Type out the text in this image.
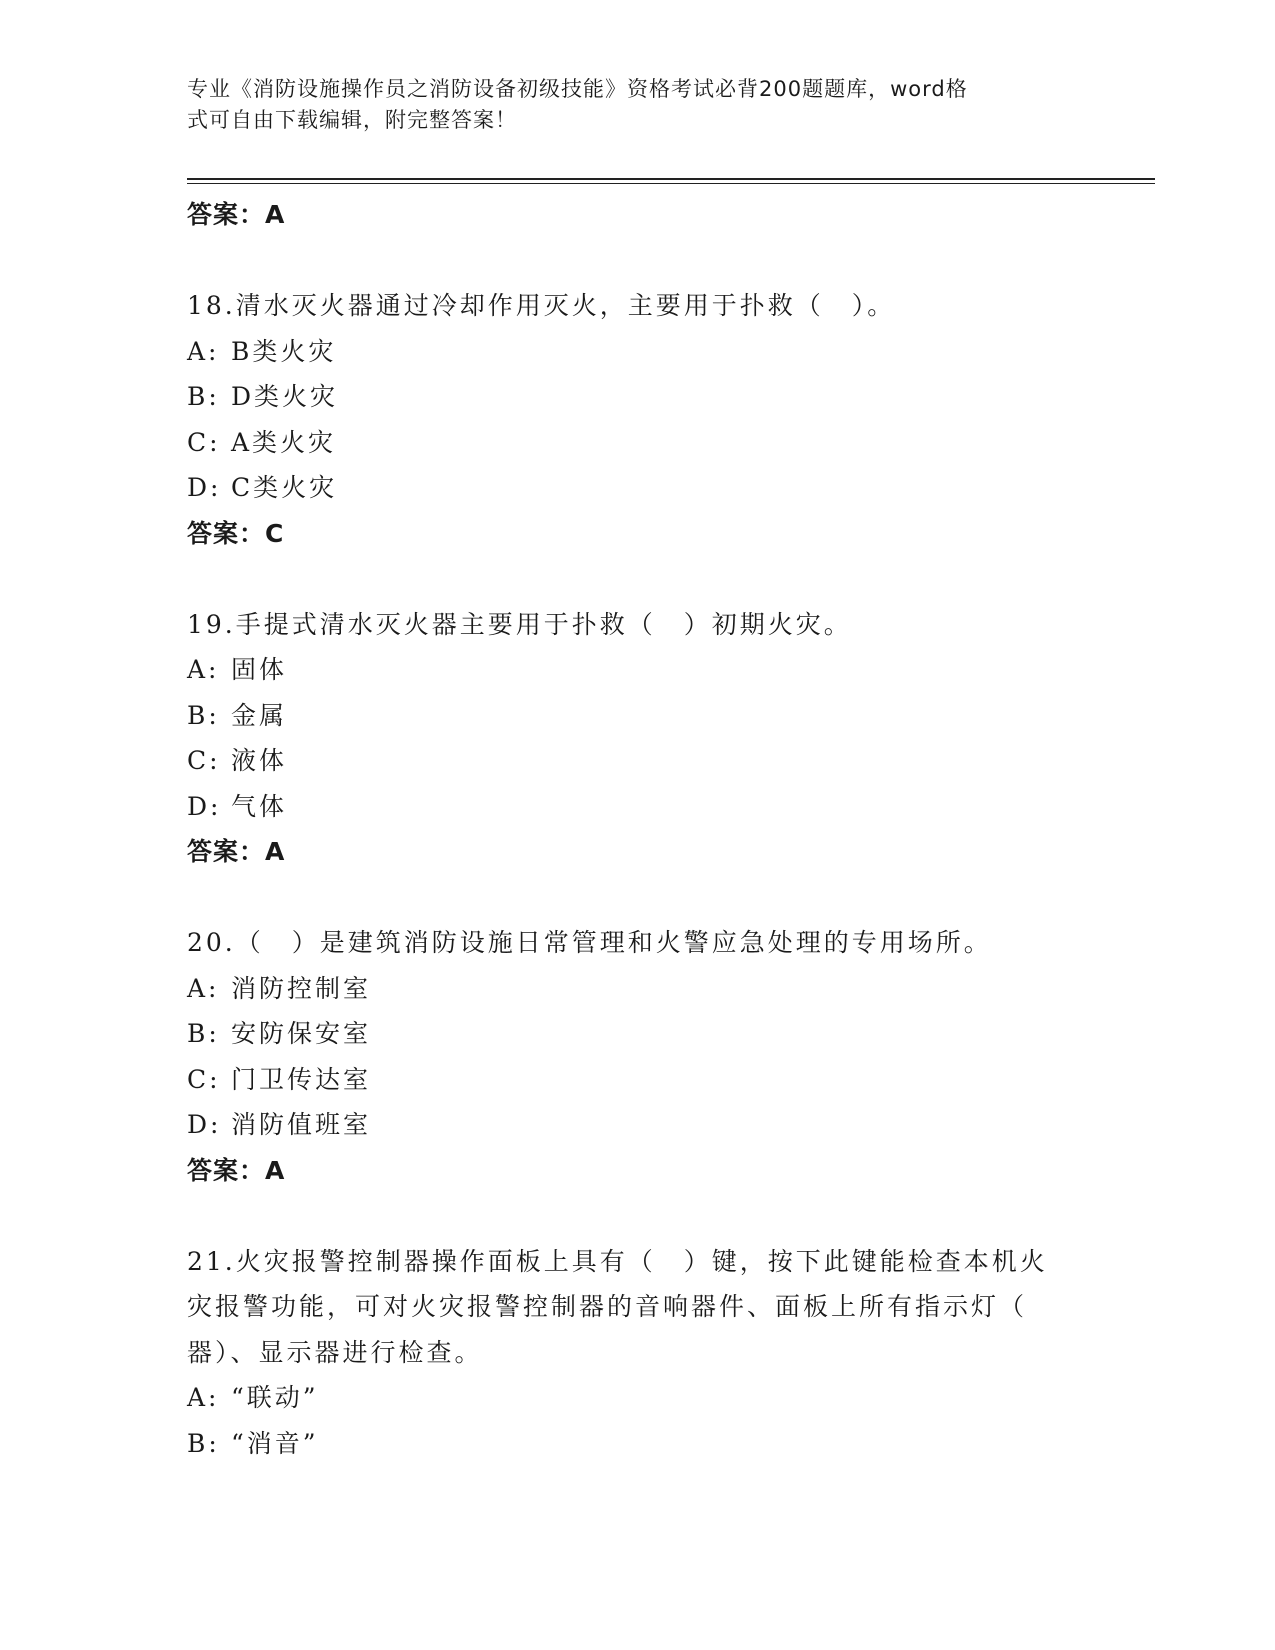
专业《消防设施操作员之消防设备初级技能》资格考试必背200题题库，word格
式可自由下载编辑，附完整答案！
答案：A
18.清水灭火器通过冷却作用灭火，主要用于扑救（　）。
A: B类火灾
B: D类火灾
C: A类火灾
D: C类火灾
答案：C
19.手提式清水灭火器主要用于扑救（　）初期火灾。
A: 固体
B: 金属
C: 液体
D: 气体
答案：A
20.（　）是建筑消防设施日常管理和火警应急处理的专用场所。
A: 消防控制室
B: 安防保安室
C: 门卫传达室
D: 消防值班室
答案：A
21.火灾报警控制器操作面板上具有（　）键，按下此键能检查本机火
灾报警功能，可对火灾报警控制器的音响器件、面板上所有指示灯（
器）、显示器进行检查。
A: “联动”
B: “消音”
